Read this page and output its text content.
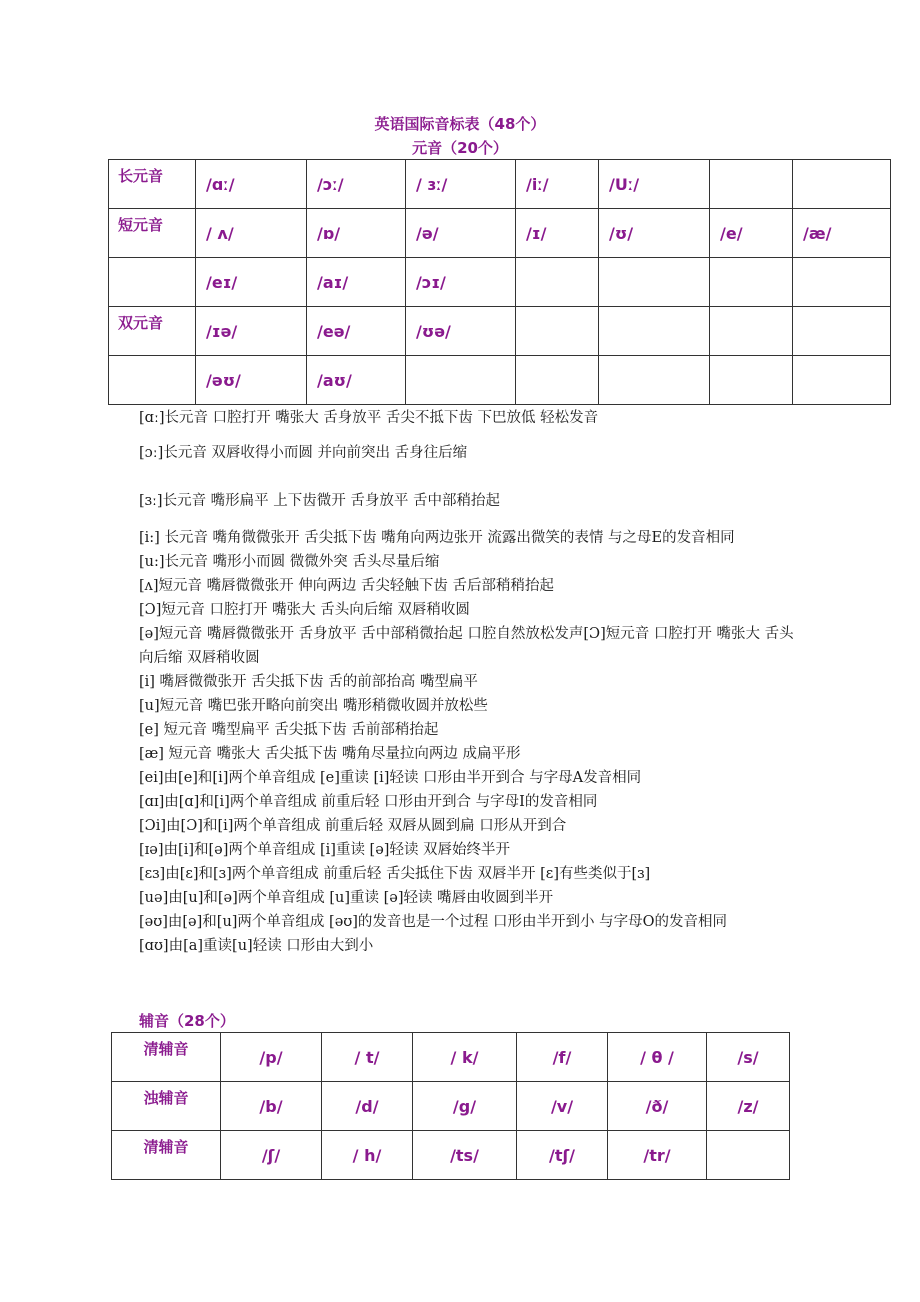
英语国际音标表（48个）
元音（20个）
长元音	/ɑː/	/ɔː/	/ ɜː/	/iː/	/Uː/		
短元音	/ ʌ/	/ɒ/	/ə/	/ɪ/	/ʊ/	/e/	/æ/
	/eɪ/	/aɪ/	/ɔɪ/				
双元音	/ɪə/	/eə/	/ʊə/				
	/əʊ/	/aʊ/					

[ɑː]长元音 口腔打开 嘴张大 舌身放平 舌尖不抵下齿 下巴放低 轻松发音

[ɔː]长元音 双唇收得小而圆 并向前突出 舌身往后缩

[ɜː]长元音 嘴形扁平 上下齿微开 舌身放平 舌中部稍抬起

[i:] 长元音 嘴角微微张开 舌尖抵下齿 嘴角向两边张开 流露出微笑的表情 与之母E的发音相同

[u:]长元音 嘴形小而圆 微微外突 舌头尽量后缩

[ʌ]短元音 嘴唇微微张开 伸向两边 舌尖轻触下齿 舌后部稍稍抬起

[Ɔ]短元音 口腔打开 嘴张大 舌头向后缩 双唇稍收圆

[ə]短元音 嘴唇微微张开 舌身放平 舌中部稍微抬起 口腔自然放松发声[Ɔ]短元音 口腔打开 嘴张大 舌头向后缩 双唇稍收圆

[i] 嘴唇微微张开 舌尖抵下齿 舌的前部抬高 嘴型扁平

[u]短元音 嘴巴张开略向前突出 嘴形稍微收圆并放松些

[e] 短元音 嘴型扁平 舌尖抵下齿 舌前部稍抬起

[æ] 短元音 嘴张大 舌尖抵下齿 嘴角尽量拉向两边 成扁平形

[ei]由[e]和[i]两个单音组成 [e]重读 [i]轻读 口形由半开到合 与字母A发音相同

[ɑɪ]由[ɑ]和[i]两个单音组成 前重后轻 口形由开到合 与字母I的发音相同

[Ɔi]由[Ɔ]和[i]两个单音组成 前重后轻 双唇从圆到扁 口形从开到合

[ɪə]由[i]和[ə]两个单音组成 [i]重读 [ə]轻读 双唇始终半开

[ɛɜ]由[ɛ]和[ɜ]两个单音组成 前重后轻 舌尖抵住下齿 双唇半开 [ɛ]有些类似于[ɜ]

[uə]由[u]和[ə]两个单音组成 [u]重读 [ə]轻读 嘴唇由收圆到半开

[əʊ]由[ə]和[u]两个单音组成 [əʊ]的发音也是一个过程 口形由半开到小 与字母O的发音相同

[ɑʊ]由[a]重读[u]轻读 口形由大到小

辅音（28个）
清辅音	/p/	/ t/	/ k/	/f/	/ θ /	/s/
浊辅音	/b/	/d/	/g/	/v/	/ð/	/z/
清辅音	/ʃ/	/ h/	/ts/	/tʃ/	/tr/	
